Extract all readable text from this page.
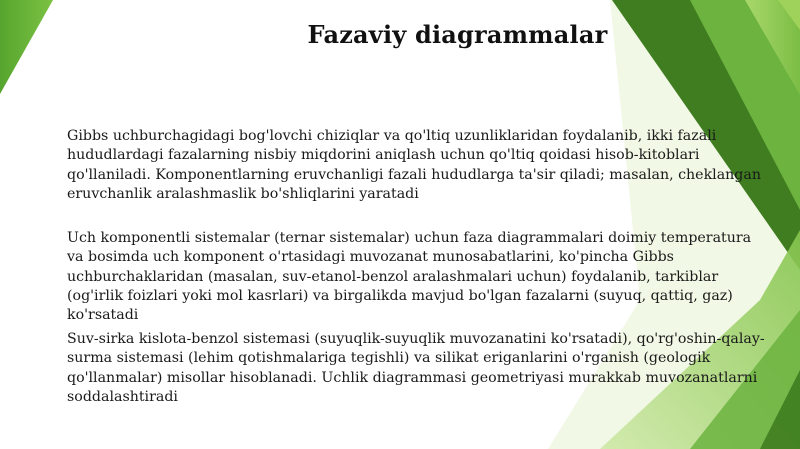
Fazaviy diagrammalar

Gibbs uchburchagidagi bog'lovchi chiziqlar va qo'ltiq uzunliklaridan foydalanib, ikki fazali hududlardagi fazalarning nisbiy miqdorini aniqlash uchun qo'ltiq qoidasi hisob-kitoblari qo'llaniladi. Komponentlarning eruvchanligi fazali hududlarga ta'sir qiladi; masalan, cheklangan eruvchanlik aralashmaslik bo'shliqlarini yaratadi

Uch komponentli sistemalar (ternar sistemalar) uchun faza diagrammalari doimiy temperatura va bosimda uch komponent o'rtasidagi muvozanat munosabatlarini, ko'pincha Gibbs uchburchaklaridan (masalan, suv-etanol-benzol aralashmalari uchun) foydalanib, tarkiblar (og'irlik foizlari yoki mol kasrlari) va birgalikda mavjud bo'lgan fazalarni (suyuq, qattiq, gaz) ko'rsatadi

Suv-sirka kislota-benzol sistemasi (suyuqlik-suyuqlik muvozanatini ko'rsatadi), qo'rg'oshin-qalay-surma sistemasi (lehim qotishmalariga tegishli) va silikat eriganlarini o'rganish (geologik qo'llanmalar) misollar hisoblanadi. Uchlik diagrammasi geometriyasi murakkab muvozanatlarni soddalashtiradi
